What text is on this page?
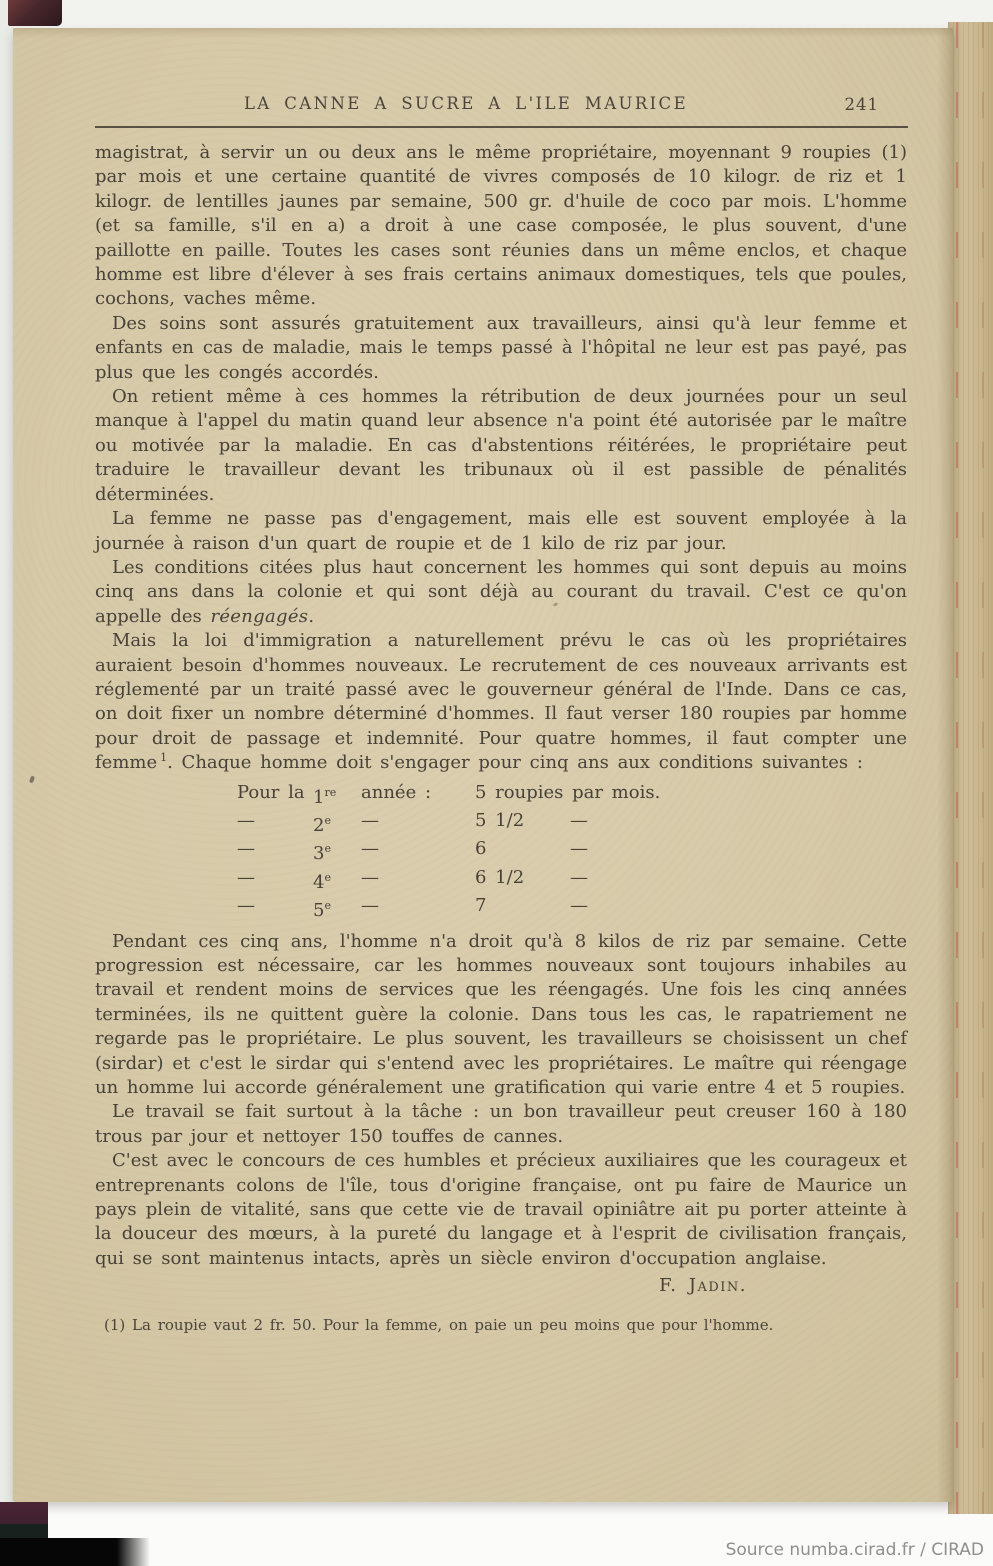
LA CANNE A SUCRE A L'ILE MAURICE	241

magistrat, à servir un ou deux ans le même propriétaire, moyennant 9 roupies (1) par mois et une certaine quantité de vivres composés de 10 kilogr. de riz et 1 kilogr. de lentilles jaunes par semaine, 500 gr. d'huile de coco par mois. L'homme (et sa famille, s'il en a) a droit à une case composée, le plus souvent, d'une paillotte en paille. Toutes les cases sont réunies dans un même enclos, et chaque homme est libre d'élever à ses frais certains animaux domestiques, tels que poules, cochons, vaches même.

Des soins sont assurés gratuitement aux travailleurs, ainsi qu'à leur femme et enfants en cas de maladie, mais le temps passé à l'hôpital ne leur est pas payé, pas plus que les congés accordés.

On retient même à ces hommes la rétribution de deux journées pour un seul manque à l'appel du matin quand leur absence n'a point été autorisée par le maître ou motivée par la maladie. En cas d'abstentions réitérées, le propriétaire peut traduire le travailleur devant les tribunaux où il est passible de pénalités déterminées.

La femme ne passe pas d'engagement, mais elle est souvent employée à la journée à raison d'un quart de roupie et de 1 kilo de riz par jour.

Les conditions citées plus haut concernent les hommes qui sont depuis au moins cinq ans dans la colonie et qui sont déjà au courant du travail. C'est ce qu'on appelle des réengagés.

Mais la loi d'immigration a naturellement prévu le cas où les propriétaires auraient besoin d'hommes nouveaux. Le recrutement de ces nouveaux arrivants est réglementé par un traité passé avec le gouverneur général de l'Inde. Dans ce cas, on doit fixer un nombre déterminé d'hommes. Il faut verser 180 roupies par homme pour droit de passage et indemnité. Pour quatre hommes, il faut compter une femme $^1$. Chaque homme doit s'engager pour cinq ans aux conditions suivantes :

Pour la 1re	année :	5 roupies par mois.
—	2e	—	5 1/2	—
—	3e	—	6	—
—	4e	—	6 1/2	—
—	5e	—	7	—

Pendant ces cinq ans, l'homme n'a droit qu'à 8 kilos de riz par semaine. Cette progression est nécessaire, car les hommes nouveaux sont toujours inhabiles au travail et rendent moins de services que les réengagés. Une fois les cinq années terminées, ils ne quittent guère la colonie. Dans tous les cas, le rapatriement ne regarde pas le propriétaire. Le plus souvent, les travailleurs se choisissent un chef (sirdar) et c'est le sirdar qui s'entend avec les propriétaires. Le maître qui réengage un homme lui accorde généralement une gratification qui varie entre 4 et 5 roupies.

Le travail se fait surtout à la tâche : un bon travailleur peut creuser 160 à 180 trous par jour et nettoyer 150 touffes de cannes.

C'est avec le concours de ces humbles et précieux auxiliaires que les courageux et entreprenants colons de l'île, tous d'origine française, ont pu faire de Maurice un pays plein de vitalité, sans que cette vie de travail opiniâtre ait pu porter atteinte à la douceur des mœurs, à la pureté du langage et à l'esprit de civilisation français, qui se sont maintenus intacts, après un siècle environ d'occupation anglaise.

F. Jadin.
(1) La roupie vaut 2 fr. 50. Pour la femme, on paie un peu moins que pour l'homme.
Source numba.cirad.fr / CIRAD
